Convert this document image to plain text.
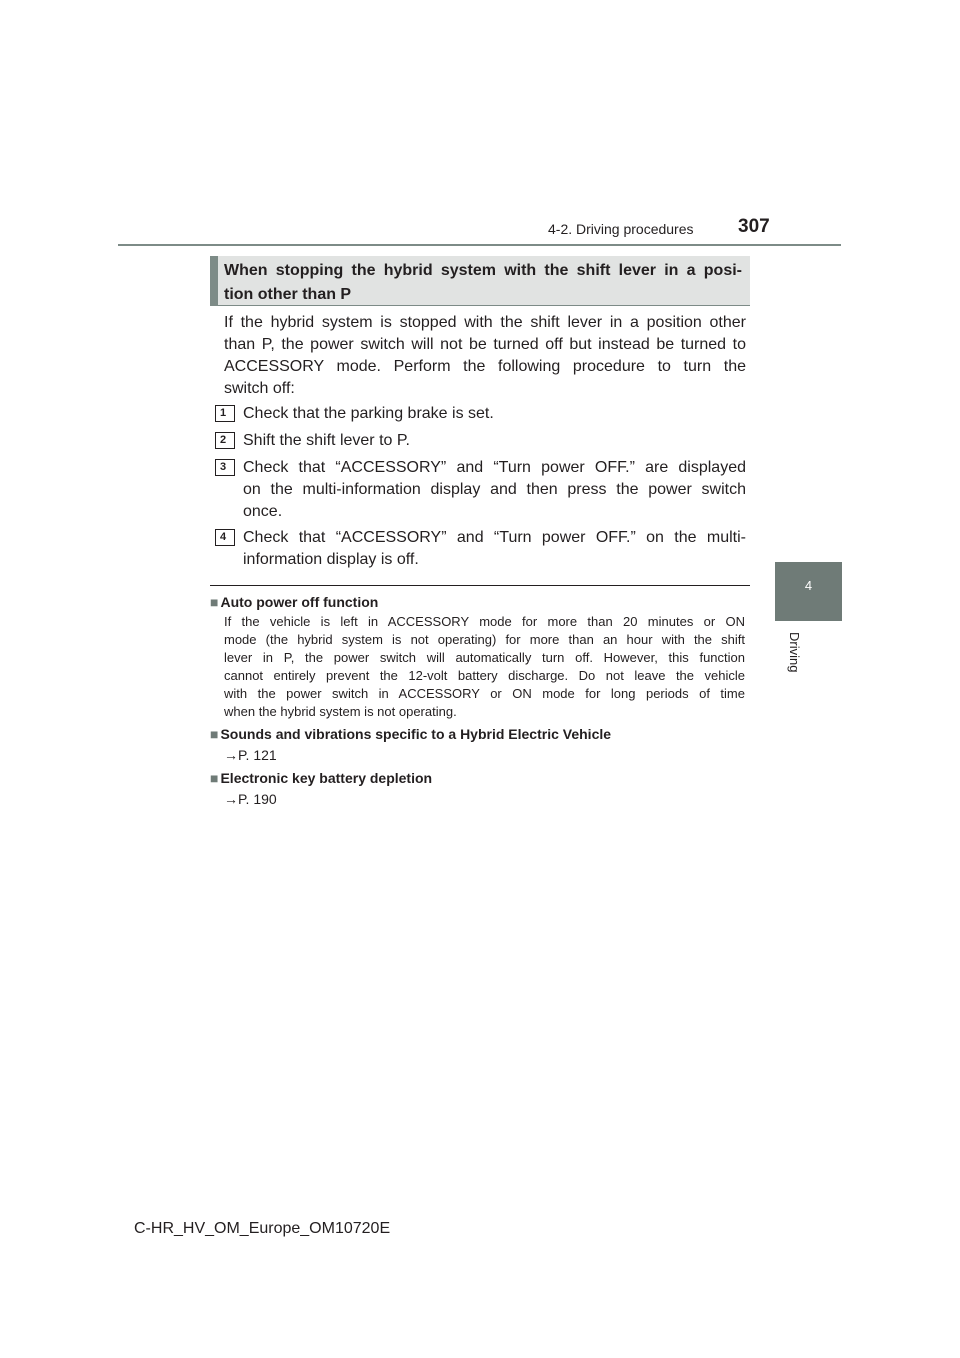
4-2. Driving procedures 307
4
Driving
When stopping the hybrid system with the shift lever in a posi-
tion other than P
If the hybrid system is stopped with the shift lever in a position other
than P, the power switch will not be turned off but instead be turned to
ACCESSORY mode. Perform the following procedure to turn the
switch off:
1	Check that the parking brake is set.
2	Shift the shift lever to P.
3	Check that “ACCESSORY” and “Turn power OFF.” are displayed
on the multi-information display and then press the power switch
once.
4	Check that “ACCESSORY” and “Turn power OFF.” on the multi-
information display is off.
■ Auto power off function
If the vehicle is left in ACCESSORY mode for more than 20 minutes or ON
mode (the hybrid system is not operating) for more than an hour with the shift
lever in P, the power switch will automatically turn off. However, this function
cannot entirely prevent the 12-volt battery discharge. Do not leave the vehicle
with the power switch in ACCESSORY or ON mode for long periods of time
when the hybrid system is not operating.
■ Sounds and vibrations specific to a Hybrid Electric Vehicle
→P. 121
■ Electronic key battery depletion
→P. 190
C-HR_HV_OM_Europe_OM10720E
